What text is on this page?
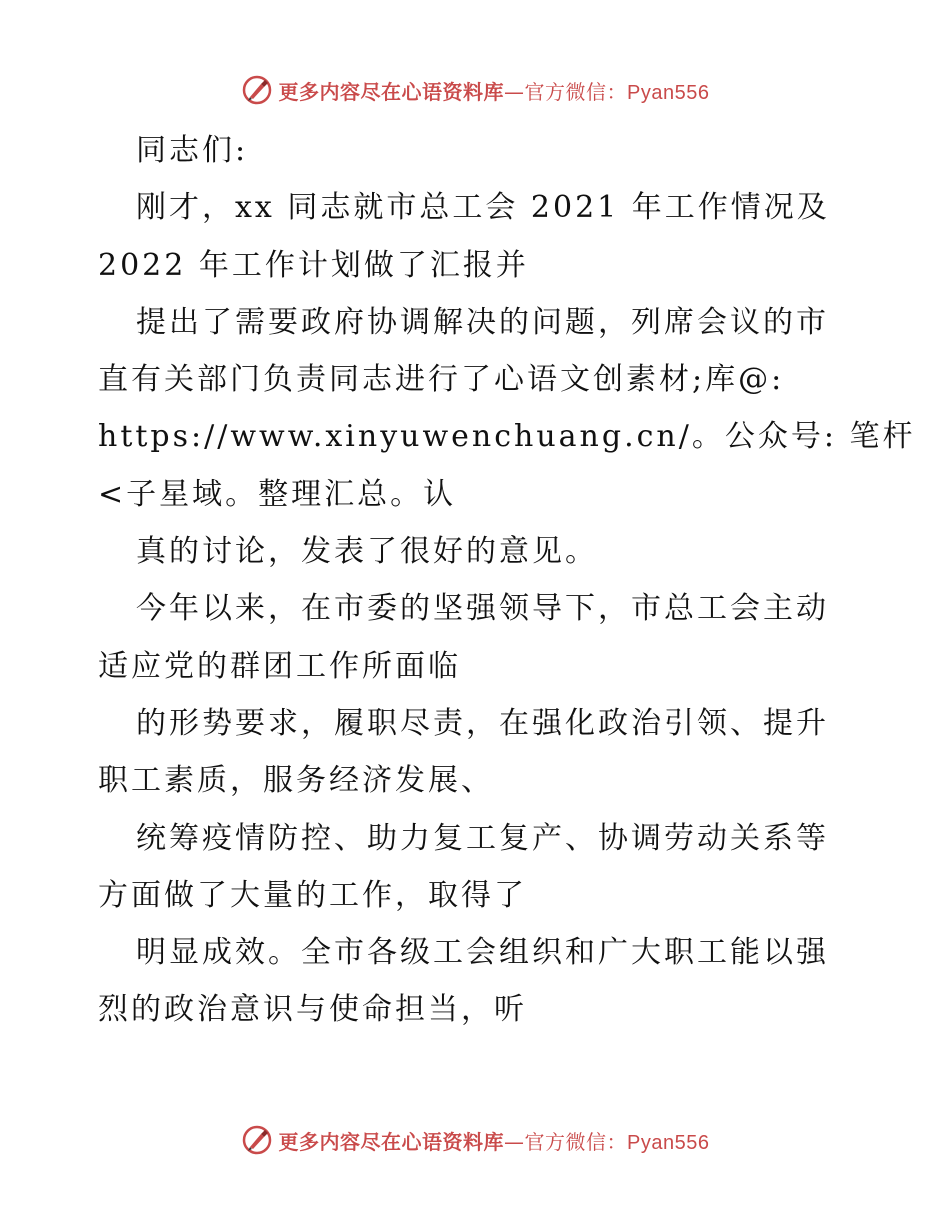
更多内容尽在心语资料库—官方微信：Pyan556
同志们:
刚才，xx 同志就市总工会 2021 年工作情况及
2022 年工作计划做了汇报并
提出了需要政府协调解决的问题，列席会议的市
直有关部门负责同志进行了心语文创素材;库@:
https://www.xinyuwenchuang.cn/。公众号: 笔杆
<子星域。整理汇总。认
真的讨论，发表了很好的意见。
今年以来，在市委的坚强领导下，市总工会主动
适应党的群团工作所面临
的形势要求，履职尽责，在强化政治引领、提升
职工素质，服务经济发展、
统筹疫情防控、助力复工复产、协调劳动关系等
方面做了大量的工作，取得了
明显成效。全市各级工会组织和广大职工能以强
烈的政治意识与使命担当，听
更多内容尽在心语资料库—官方微信：Pyan556
